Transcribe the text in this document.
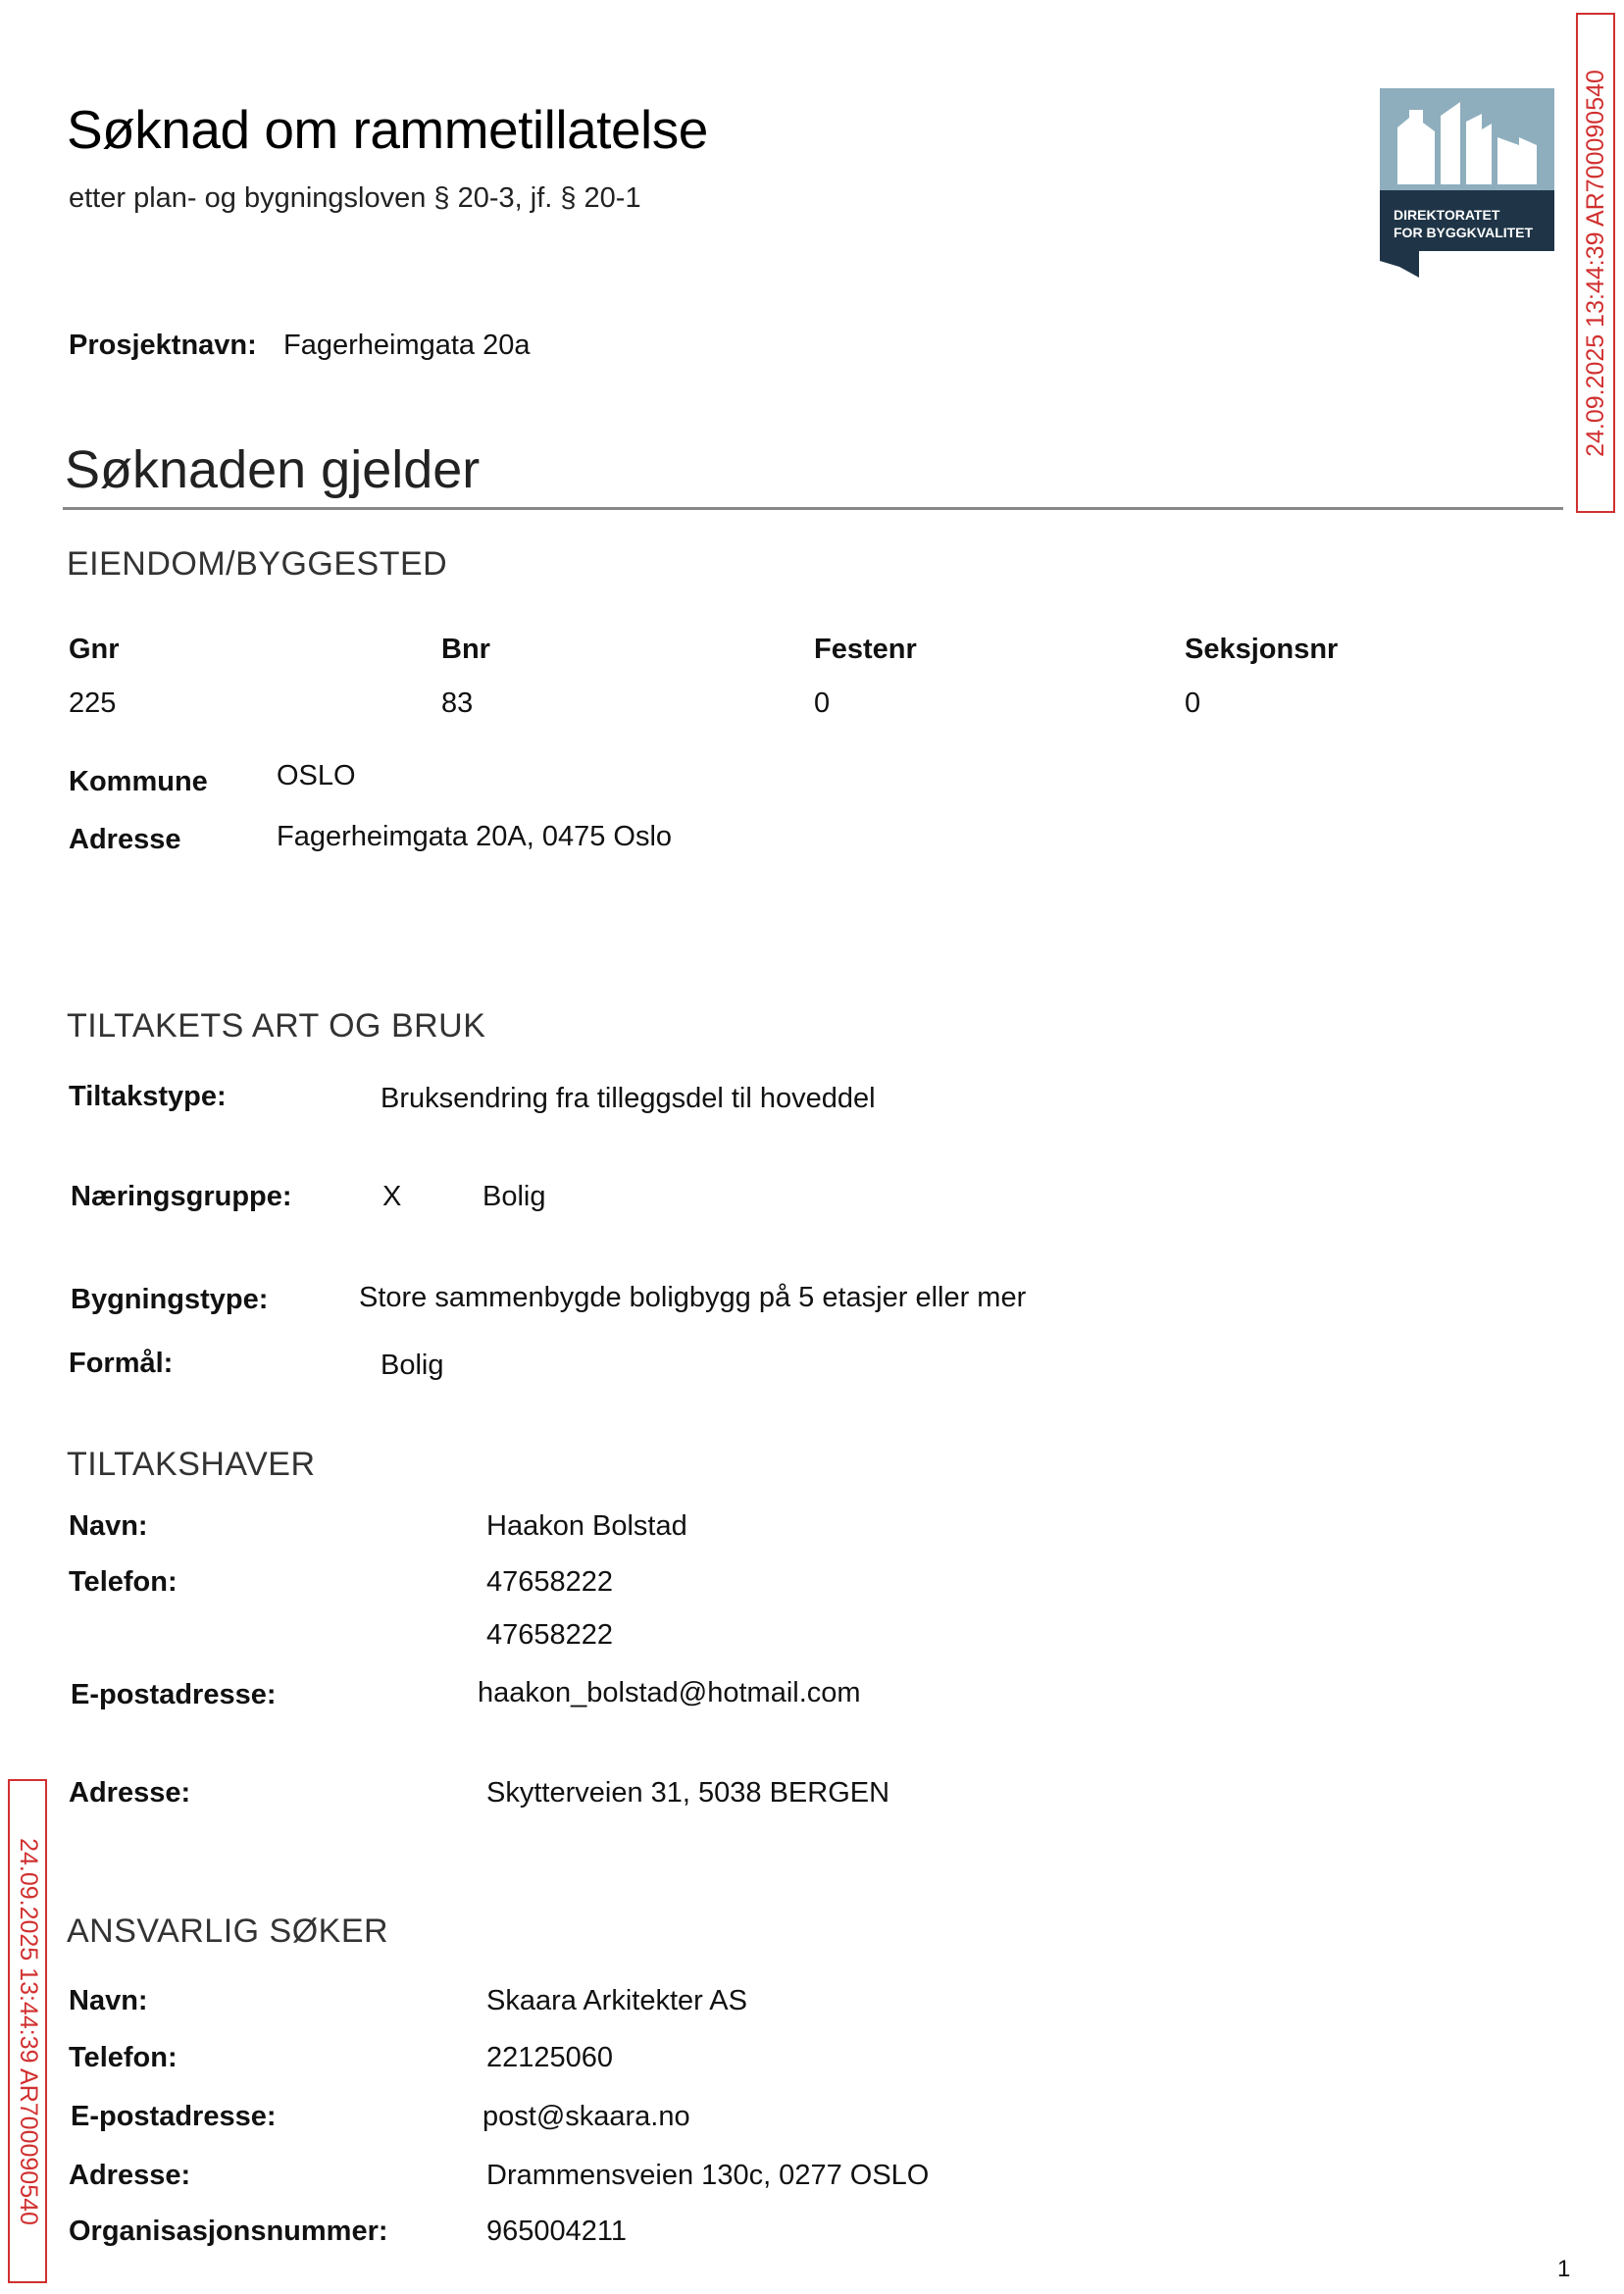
Søknad om rammetillatelse
etter plan- og bygningsloven § 20-3, jf. § 20-1
DIREKTORATET
FOR BYGGKVALITET 24.09.2025 13:44:39 AR700090540
24.09.2025 13:44:39 AR700090540
Prosjektnavn: Fagerheimgata 20a
Søknaden gjelder
EIENDOM/BYGGESTED
Gnr	Bnr	Festenr	Seksjonsnr
225	83	0	0
Kommune OSLO
Adresse	Fagerheimgata 20A, 0475 Oslo
TILTAKETS ART OG BRUK
Tiltakstype:	Bruksendring fra tilleggsdel til hoveddel
Næringsgruppe:	X	Bolig
Bygningstype:	Store sammenbygde boligbygg på 5 etasjer eller mer
Formål:	Bolig
TILTAKSHAVER
Navn:	Haakon Bolstad
Telefon:	47658222
47658222
E-postadresse:	haakon_bolstad@hotmail.com
Adresse:	Skytterveien 31, 5038 BERGEN
ANSVARLIG SØKER
Navn:	Skaara Arkitekter AS
Telefon:	22125060
E-postadresse:	post@skaara.no
Adresse:	Drammensveien 130c, 0277 OSLO
Organisasjonsnummer:	965004211
1
